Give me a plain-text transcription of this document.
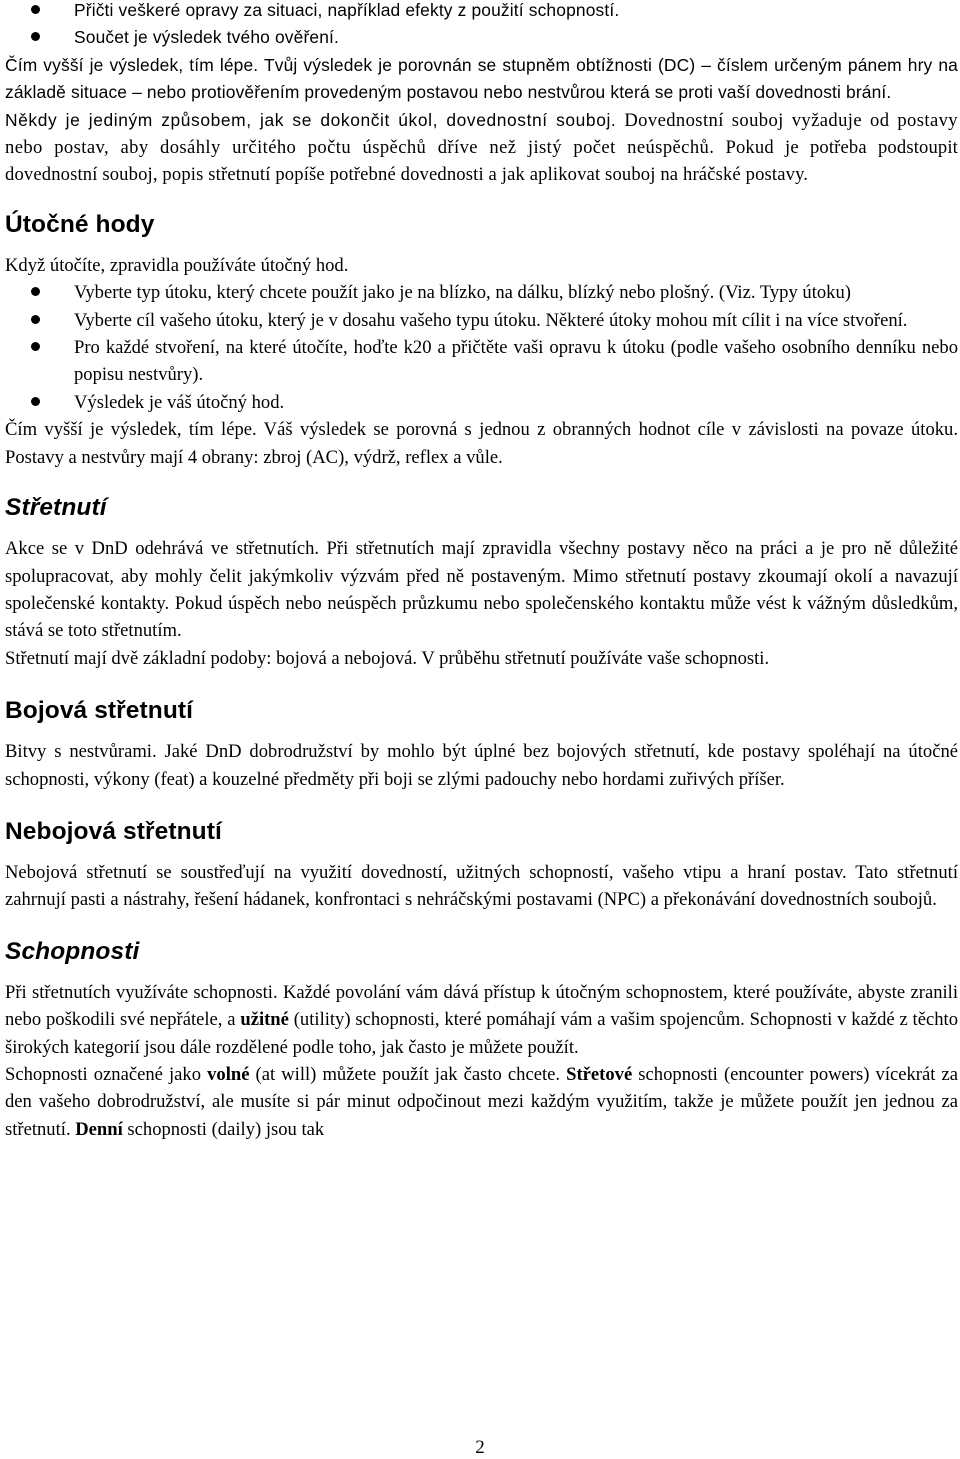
Přičti veškeré opravy za situaci, například efekty z použití schopností.
Součet je výsledek tvého ověření.

Čím vyšší je výsledek, tím lépe. Tvůj výsledek je porovnán se stupněm obtížnosti (DC) – číslem určeným pánem hry na základě situace – nebo protiověřením provedeným postavou nebo nestvůrou která se proti vaší dovednosti brání.

Někdy je jediným způsobem, jak se dokončit úkol, dovednostní souboj. Dovednostní souboj vyžaduje od postavy nebo postav, aby dosáhly určitého počtu úspěchů dříve než jistý počet neúspěchů. Pokud je potřeba podstoupit dovednostní souboj, popis střetnutí popíše potřebné dovednosti a jak aplikovat souboj na hráčské postavy.

Útočné hody

Když útočíte, zpravidla používáte útočný hod.

Vyberte typ útoku, který chcete použít jako je na blízko, na dálku, blízký nebo plošný. (Viz. Typy útoku)
Vyberte cíl vašeho útoku, který je v dosahu vašeho typu útoku. Některé útoky mohou mít cílit i na více stvoření.
Pro každé stvoření, na které útočíte, hoďte k20 a přičtěte vaši opravu k útoku (podle vašeho osobního denníku nebo popisu nestvůry).
Výsledek je váš útočný hod.

Čím vyšší je výsledek, tím lépe. Váš výsledek se porovná s jednou z obranných hodnot cíle v závislosti na povaze útoku. Postavy a nestvůry mají 4 obrany: zbroj (AC), výdrž, reflex a vůle.

Střetnutí

Akce se v DnD odehrává ve střetnutích. Při střetnutích mají zpravidla všechny postavy něco na práci a je pro ně důležité spolupracovat, aby mohly čelit jakýmkoliv výzvám před ně postaveným. Mimo střetnutí postavy zkoumají okolí a navazují společenské kontakty. Pokud úspěch nebo neúspěch průzkumu nebo společenského kontaktu může vést k vážným důsledkům, stává se toto střetnutím.

Střetnutí mají dvě základní podoby: bojová a nebojová. V průběhu střetnutí používáte vaše schopnosti.

Bojová střetnutí

Bitvy s nestvůrami. Jaké DnD dobrodružství by mohlo být úplné bez bojových střetnutí, kde postavy spoléhají na útočné schopnosti, výkony (feat) a kouzelné předměty při boji se zlými padouchy nebo hordami zuřivých příšer.

Nebojová střetnutí

Nebojová střetnutí se soustřeďují na využití dovedností, užitných schopností, vašeho vtipu a hraní postav. Tato střetnutí zahrnují pasti a nástrahy, řešení hádanek, konfrontaci s nehráčskými postavami (NPC) a překonávání dovednostních soubojů.

Schopnosti

Při střetnutích využíváte schopnosti. Každé povolání vám dává přístup k útočným schopnostem, které používáte, abyste zranili nebo poškodili své nepřátele, a užitné (utility) schopnosti, které pomáhají vám a vašim spojencům. Schopnosti v každé z těchto širokých kategorií jsou dále rozdělené podle toho, jak často je můžete použít.

Schopnosti označené jako volné (at will) můžete použít jak často chcete. Střetové schopnosti (encounter powers) vícekrát za den vašeho dobrodružství, ale musíte si pár minut odpočinout mezi každým využitím, takže je můžete použít jen jednou za střetnutí. Denní schopnosti (daily) jsou tak

2
